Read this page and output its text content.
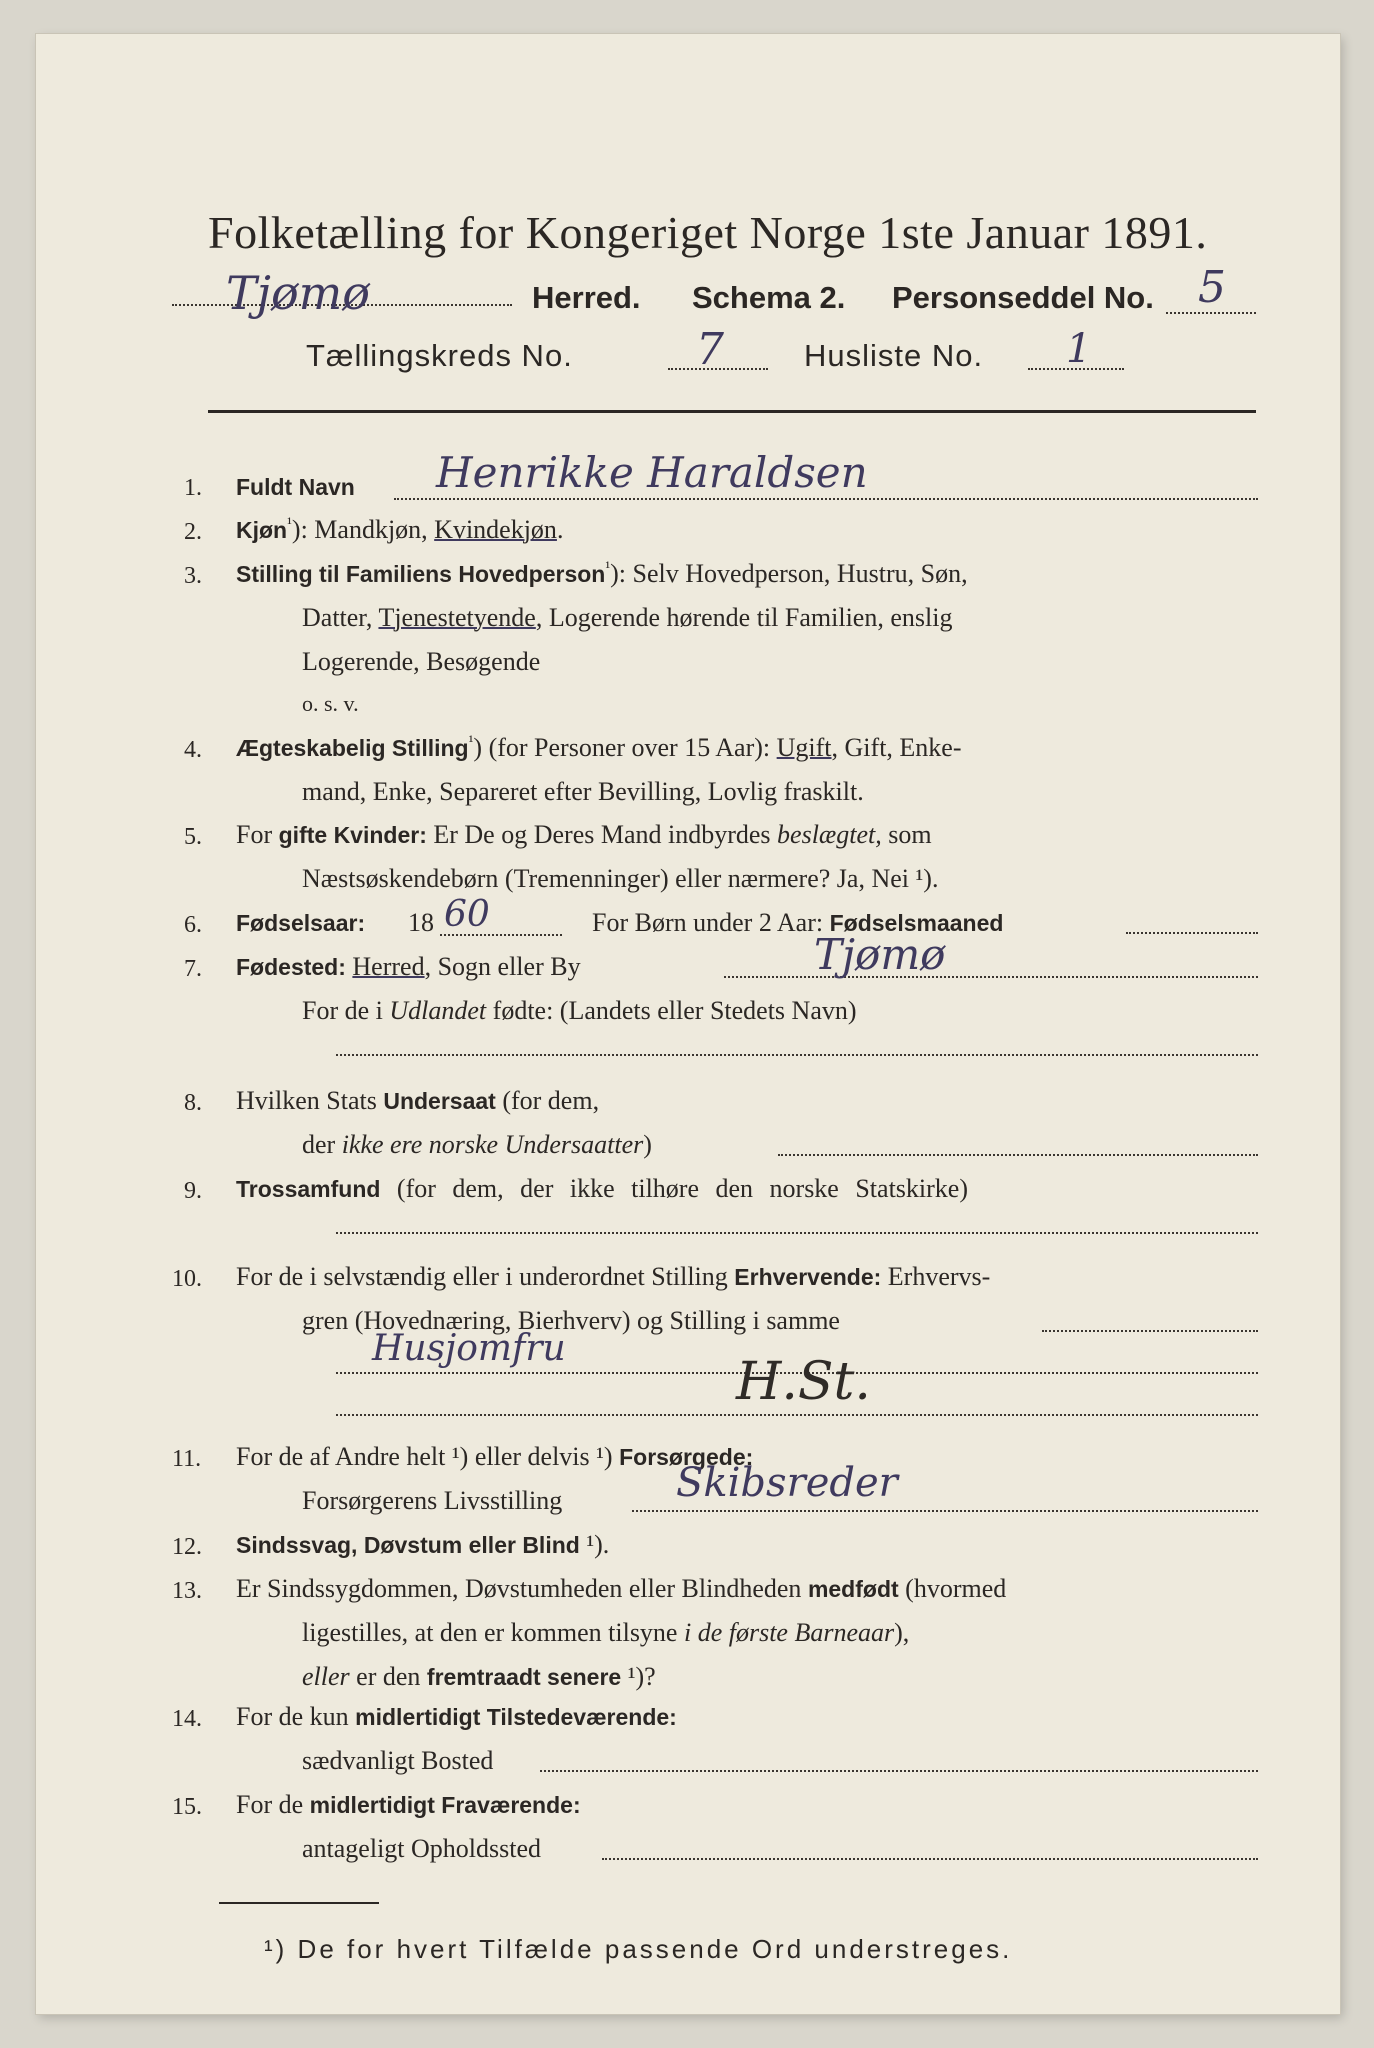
Folketælling for Kongeriget Norge 1ste Januar 1891.
Tjømø	Herred. Schema 2. Personseddel No. 5
Tællingskreds No.	7	Husliste No. 1
1. Fuldt Navn Henrikke Haraldsen
2. Kjøn$^{^1}$): Mandkjøn, Kvindekjøn.
3. Stilling til Familiens Hovedperson$^{^1}$): Selv Hovedperson, Hustru, Søn,
Datter, Tjenestetyende, Logerende hørende til Familien, enslig
Logerende, Besøgende
o. s. v.
4. Ægteskabelig Stilling$^{^1}$) (for Personer over 15 Aar): Ugift, Gift, Enke-
mand, Enke, Separeret efter Bevilling, Lovlig fraskilt.
5. For gifte Kvinder: Er De og Deres Mand indbyrdes beslægtet, som
Næstsøskendebørn (Tremenninger) eller nærmere? Ja, Nei ¹).
6. Fødselsaar: 18 60	For Børn under 2 Aar: Fødselsmaaned
7. Fødested: Herred, Sogn eller By	Tjømø
For de i Udlandet fødte: (Landets eller Stedets Navn)
8. Hvilken Stats Undersaat (for dem,
der ikke ere norske Undersaatter)
9. Trossamfund (for dem, der ikke tilhøre den norske Statskirke)
10. For de i selvstændig eller i underordnet Stilling Erhvervende: Erhvervs-
gren (Hovednæring, Bierhverv) og Stilling i samme
Husjomfru
H.St.
11. For de af Andre helt ¹) eller delvis ¹) Forsørgede:
Forsørgerens Livsstilling	Skibsreder
12. Sindssvag, Døvstum eller Blind ¹).
13. Er Sindssygdommen, Døvstumheden eller Blindheden medfødt (hvormed
ligestilles, at den er kommen tilsyne i de første Barneaar),
eller er den fremtraadt senere ¹)?
14. For de kun midlertidigt Tilstedeværende:
sædvanligt Bosted
15. For de midlertidigt Fraværende:
antageligt Opholdssted
¹) De for hvert Tilfælde passende Ord understreges.
